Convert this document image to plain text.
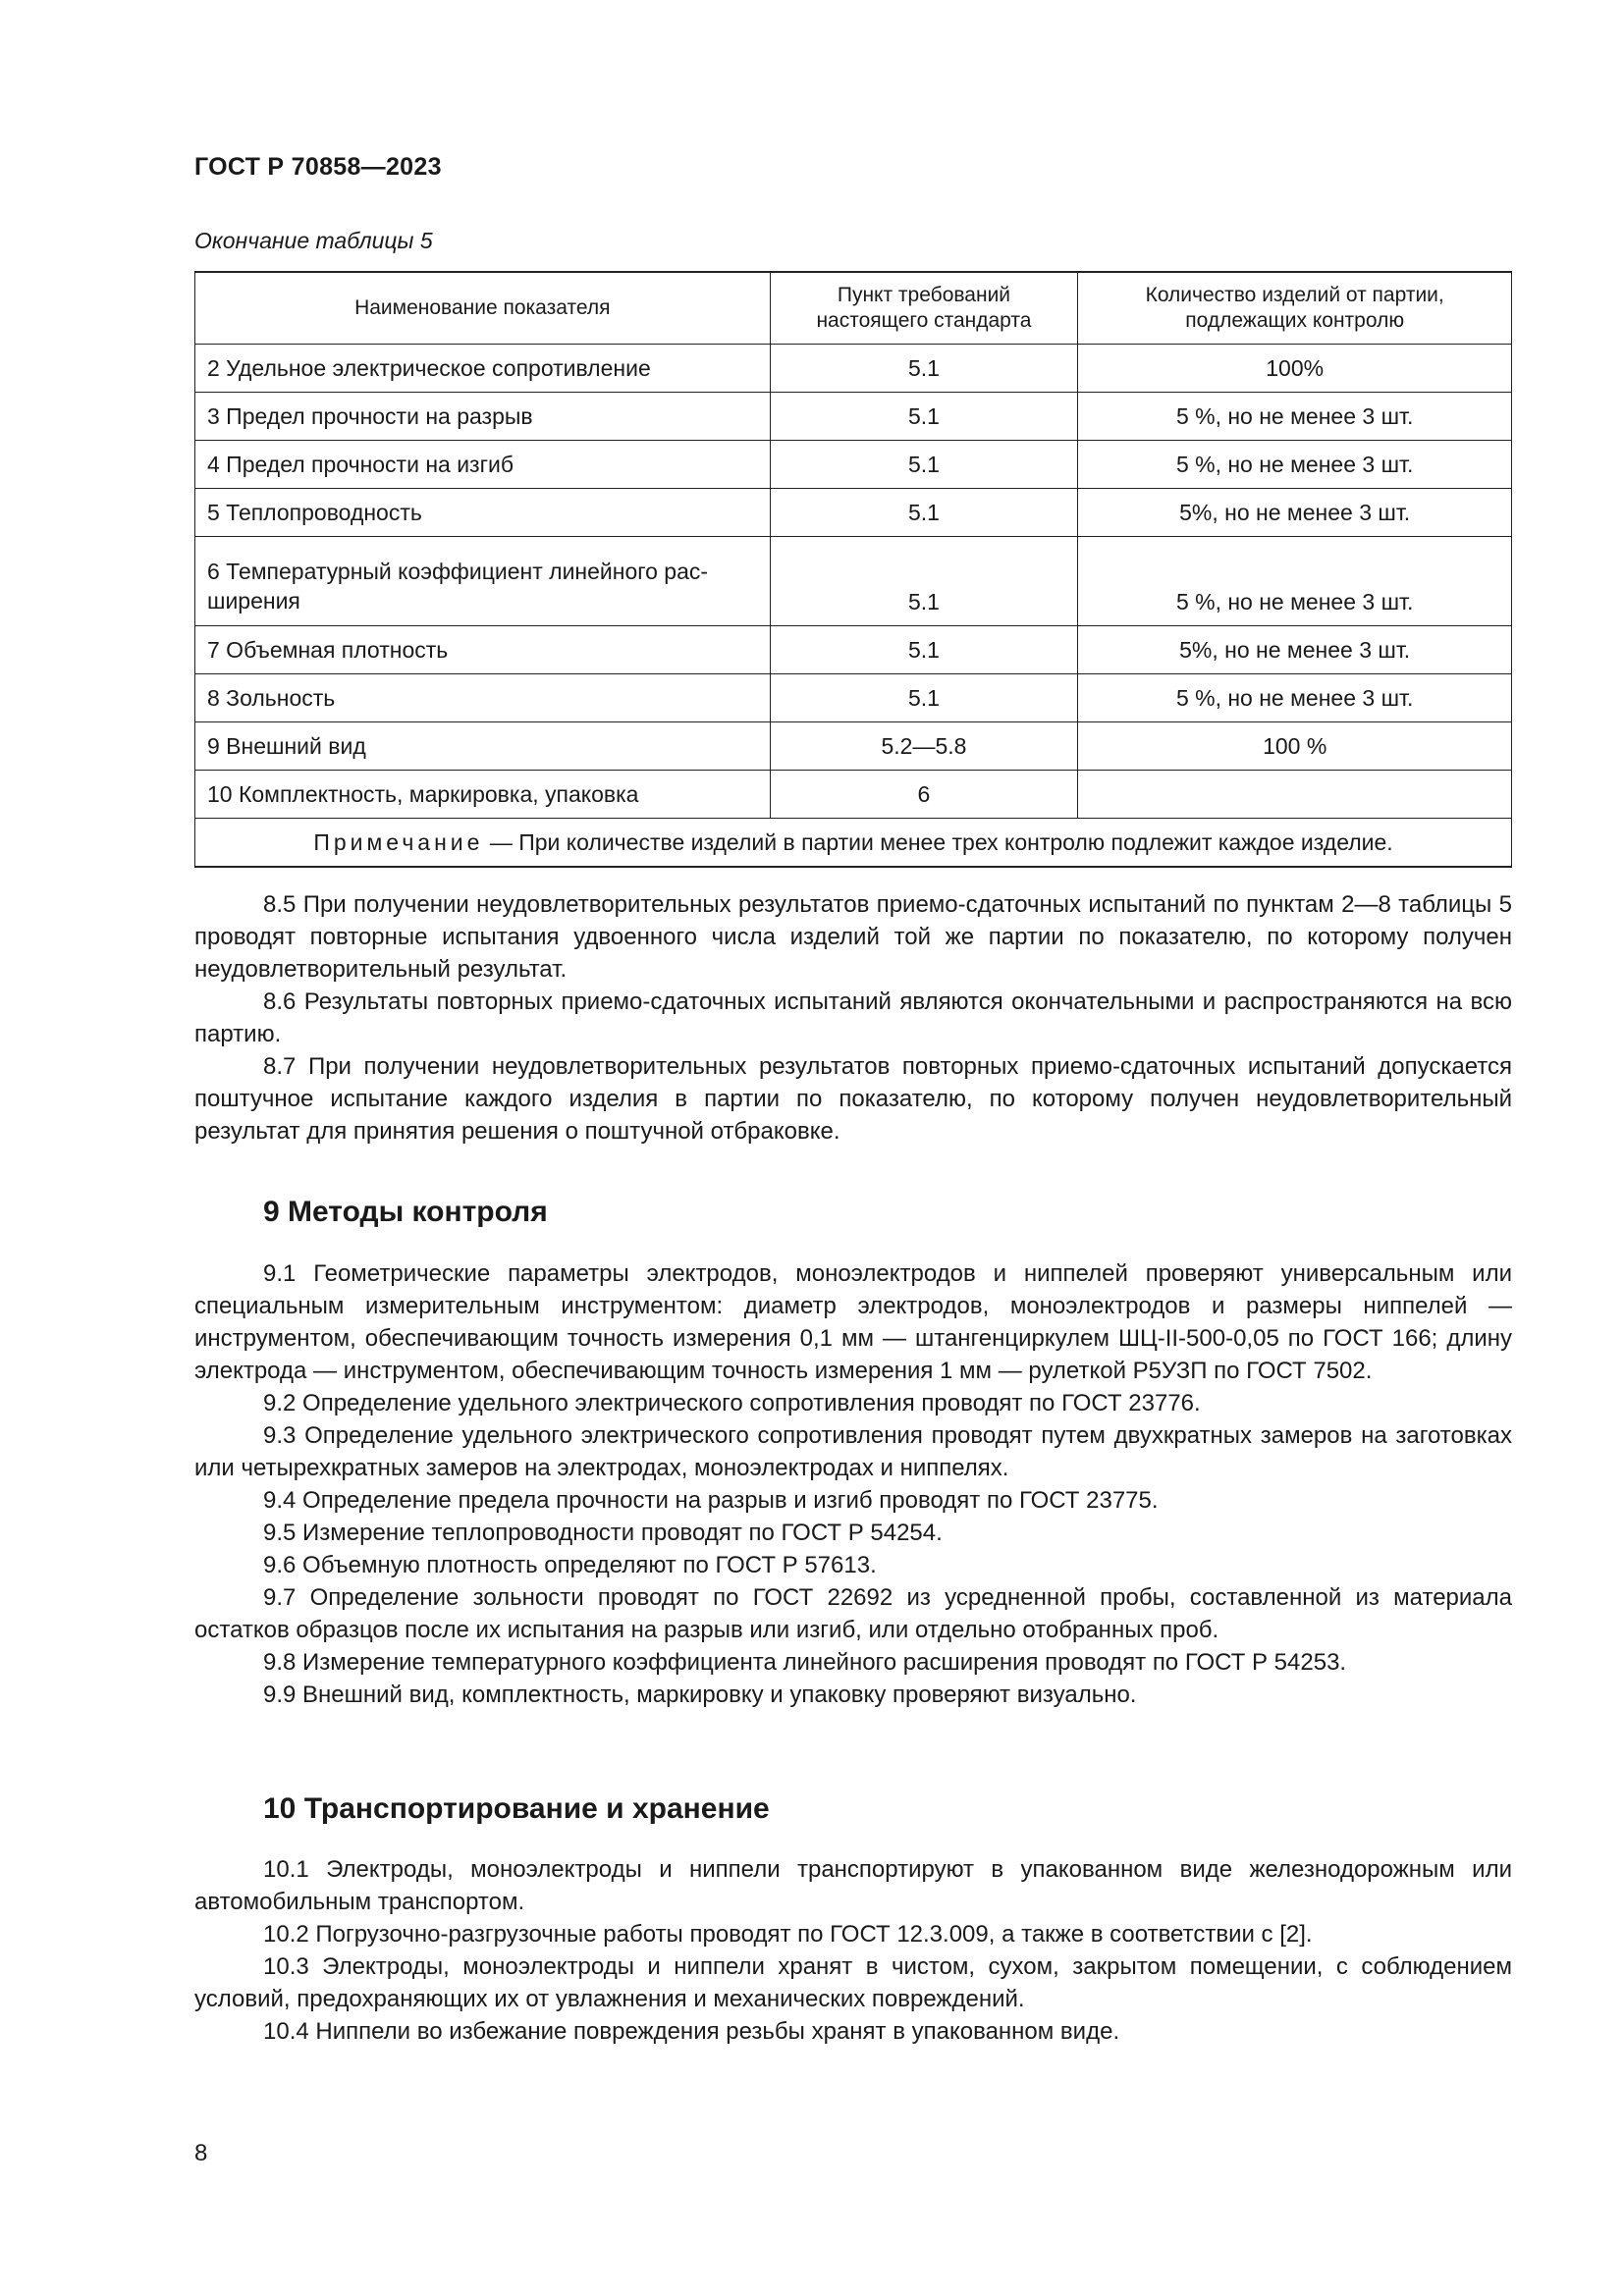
ГОСТ Р 70858—2023
Окончание таблицы 5
Наименование показателя	Пункт требований настоящего стандарта	Количество изделий от партии, подлежащих контролю
2 Удельное электрическое сопротивление	5.1	100%
3 Предел прочности на разрыв	5.1	5 %, но не менее 3 шт.
4 Предел прочности на изгиб	5.1	5 %, но не менее 3 шт.
5 Теплопроводность	5.1	5%, но не менее 3 шт.
6 Температурный коэффициент линейного рас-ширения	5.1	5 %, но не менее 3 шт.
7 Объемная плотность	5.1	5%, но не менее 3 шт.
8 Зольность	5.1	5 %, но не менее 3 шт.
9 Внешний вид	5.2—5.8	100 %
10 Комплектность, маркировка, упаковка	6	
Примечание — При количестве изделий в партии менее трех контролю подлежит каждое изделие.		

8.5 При получении неудовлетворительных результатов приемо-сдаточных испытаний по пунктам 2—8 таблицы 5 проводят повторные испытания удвоенного числа изделий той же партии по показателю, по которому получен неудовлетворительный результат.

8.6 Результаты повторных приемо-сдаточных испытаний являются окончательными и распространяются на всю партию.

8.7 При получении неудовлетворительных результатов повторных приемо-сдаточных испытаний допускается поштучное испытание каждого изделия в партии по показателю, по которому получен неудовлетворительный результат для принятия решения о поштучной отбраковке.

9 Методы контроля

9.1 Геометрические параметры электродов, моноэлектродов и ниппелей проверяют универсальным или специальным измерительным инструментом: диаметр электродов, моноэлектродов и размеры ниппелей — инструментом, обеспечивающим точность измерения 0,1 мм — штангенциркулем ШЦ-II-500-0,05 по ГОСТ 166; длину электрода — инструментом, обеспечивающим точность измерения 1 мм — рулеткой Р5УЗП по ГОСТ 7502.

9.2 Определение удельного электрического сопротивления проводят по ГОСТ 23776.

9.3 Определение удельного электрического сопротивления проводят путем двухкратных замеров на заготовках или четырехкратных замеров на электродах, моноэлектродах и ниппелях.

9.4 Определение предела прочности на разрыв и изгиб проводят по ГОСТ 23775.

9.5 Измерение теплопроводности проводят по ГОСТ Р 54254.

9.6 Объемную плотность определяют по ГОСТ Р 57613.

9.7 Определение зольности проводят по ГОСТ 22692 из усредненной пробы, составленной из материала остатков образцов после их испытания на разрыв или изгиб, или отдельно отобранных проб.

9.8 Измерение температурного коэффициента линейного расширения проводят по ГОСТ Р 54253.

9.9 Внешний вид, комплектность, маркировку и упаковку проверяют визуально.

10 Транспортирование и хранение

10.1 Электроды, моноэлектроды и ниппели транспортируют в упакованном виде железнодорожным или автомобильным транспортом.

10.2 Погрузочно-разгрузочные работы проводят по ГОСТ 12.3.009, а также в соответствии с [2].

10.3 Электроды, моноэлектроды и ниппели хранят в чистом, сухом, закрытом помещении, с соблюдением условий, предохраняющих их от увлажнения и механических повреждений.

10.4 Ниппели во избежание повреждения резьбы хранят в упакованном виде.

8
